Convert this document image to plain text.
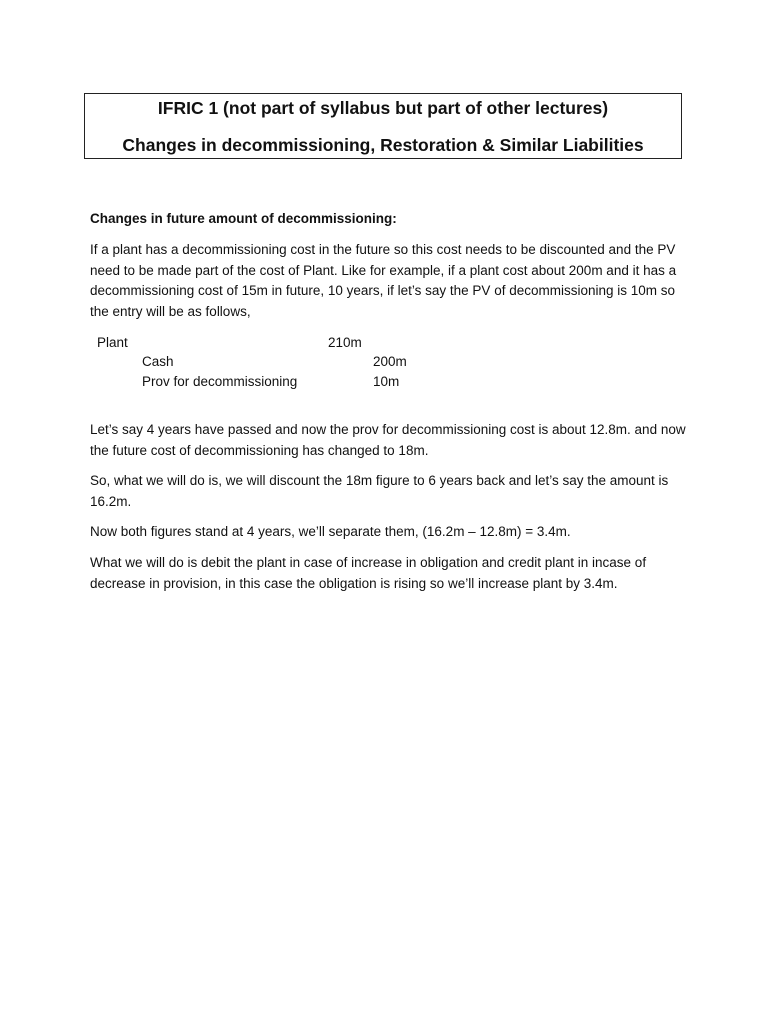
IFRIC 1 (not part of syllabus but part of other lectures)
Changes in decommissioning, Restoration & Similar Liabilities
Changes in future amount of decommissioning:

If a plant has a decommissioning cost in the future so this cost needs to be discounted and the PV need to be made part of the cost of Plant. Like for example, if a plant cost about 200m and it has a decommissioning cost of 15m in future, 10 years, if let’s say the PV of decommissioning is 10m so the entry will be as follows,

Plant	210m
Cash	200m
Prov for decommissioning	10m

Let’s say 4 years have passed and now the prov for decommissioning cost is about 12.8m. and now the future cost of decommissioning has changed to 18m.

So, what we will do is, we will discount the 18m figure to 6 years back and let’s say the amount is 16.2m.

Now both figures stand at 4 years, we’ll separate them, (16.2m – 12.8m) = 3.4m.

What we will do is debit the plant in case of increase in obligation and credit plant in incase of decrease in provision, in this case the obligation is rising so we’ll increase plant by 3.4m.
